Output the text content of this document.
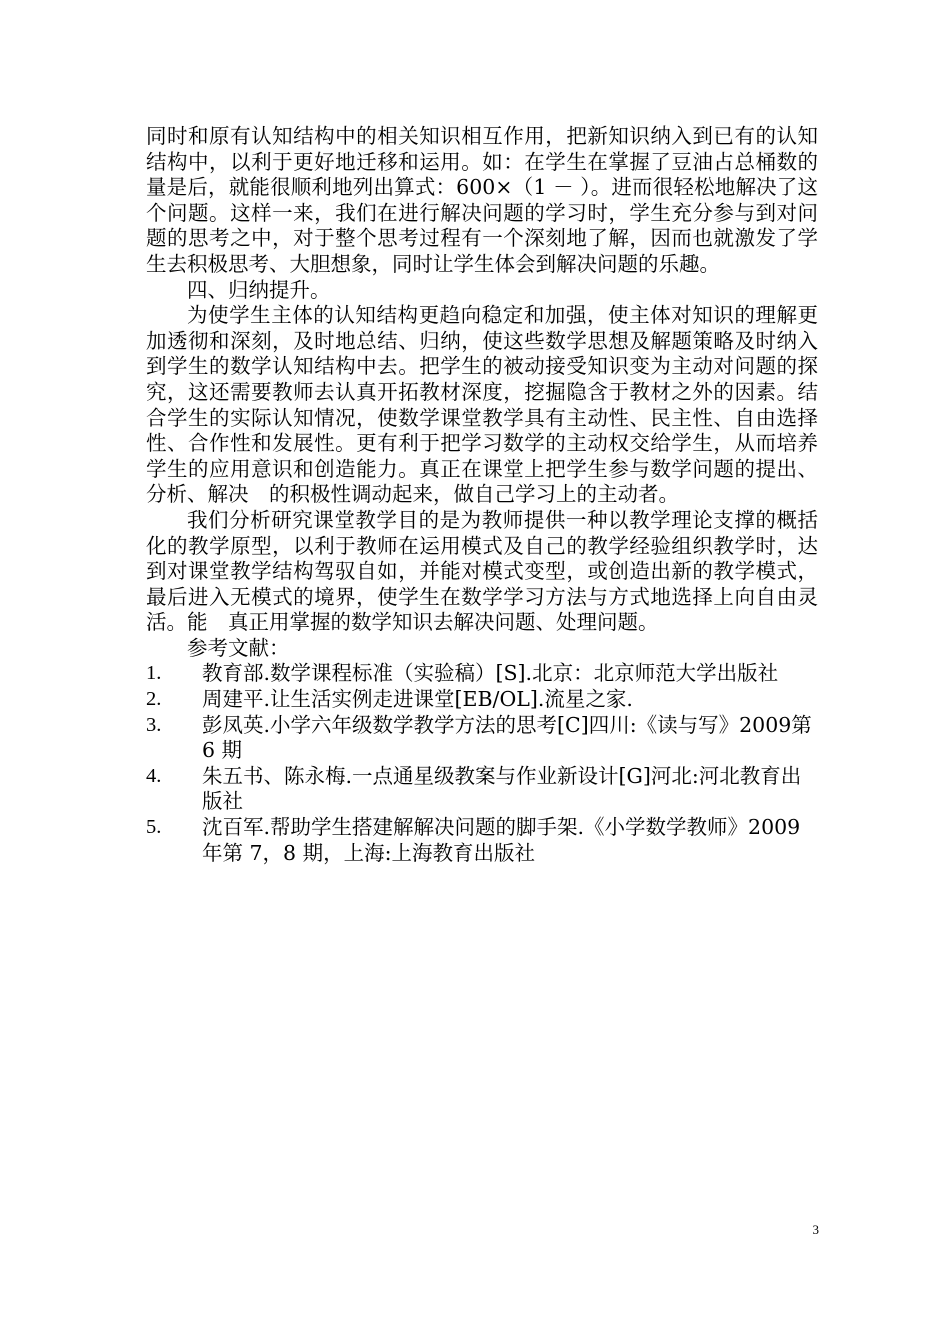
同时和原有认知结构中的相关知识相互作用，把新知识纳入到已有的认知结构中，以利于更好地迁移和运用。如：在学生在掌握了豆油占总桶数的量是后，就能很顺利地列出算式：600×（1 － ）。进而很轻松地解决了这个问题。这样一来，我们在进行解决问题的学习时，学生充分参与到对问题的思考之中，对于整个思考过程有一个深刻地了解，因而也就激发了学生去积极思考、大胆想象，同时让学生体会到解决问题的乐趣。

四、归纳提升。

为使学生主体的认知结构更趋向稳定和加强，使主体对知识的理解更加透彻和深刻，及时地总结、归纳，使这些数学思想及解题策略及时纳入到学生的数学认知结构中去。把学生的被动接受知识变为主动对问题的探究，这还需要教师去认真开拓教材深度，挖掘隐含于教材之外的因素。结合学生的实际认知情况，使数学课堂教学具有主动性、民主性、自由选择性、合作性和发展性。更有利于把学习数学的主动权交给学生，从而培养学生的应用意识和创造能力。真正在课堂上把学生参与数学问题的提出、分析、解决　的积极性调动起来，做自己学习上的主动者。

我们分析研究课堂教学目的是为教师提供一种以教学理论支撑的概括化的教学原型，以利于教师在运用模式及自己的教学经验组织教学时，达到对课堂教学结构驾驭自如，并能对模式变型，或创造出新的教学模式，最后进入无模式的境界，使学生在数学学习方法与方式地选择上向自由灵活。能　真正用掌握的数学知识去解决问题、处理问题。

参考文献：

1.	教育部.数学课程标准（实验稿）[S].北京：北京师范大学出版社
2.	周建平.让生活实例走进课堂[EB/OL].流星之家.
3.	彭凤英.小学六年级数学教学方法的思考[C]四川:《读与写》2009第 6 期
4.	朱五书、陈永梅.一点通星级教案与作业新设计[G]河北:河北教育出版社
5.	沈百军.帮助学生搭建解解决问题的脚手架.《小学数学教师》2009 年第 7，8 期，上海:上海教育出版社
3
